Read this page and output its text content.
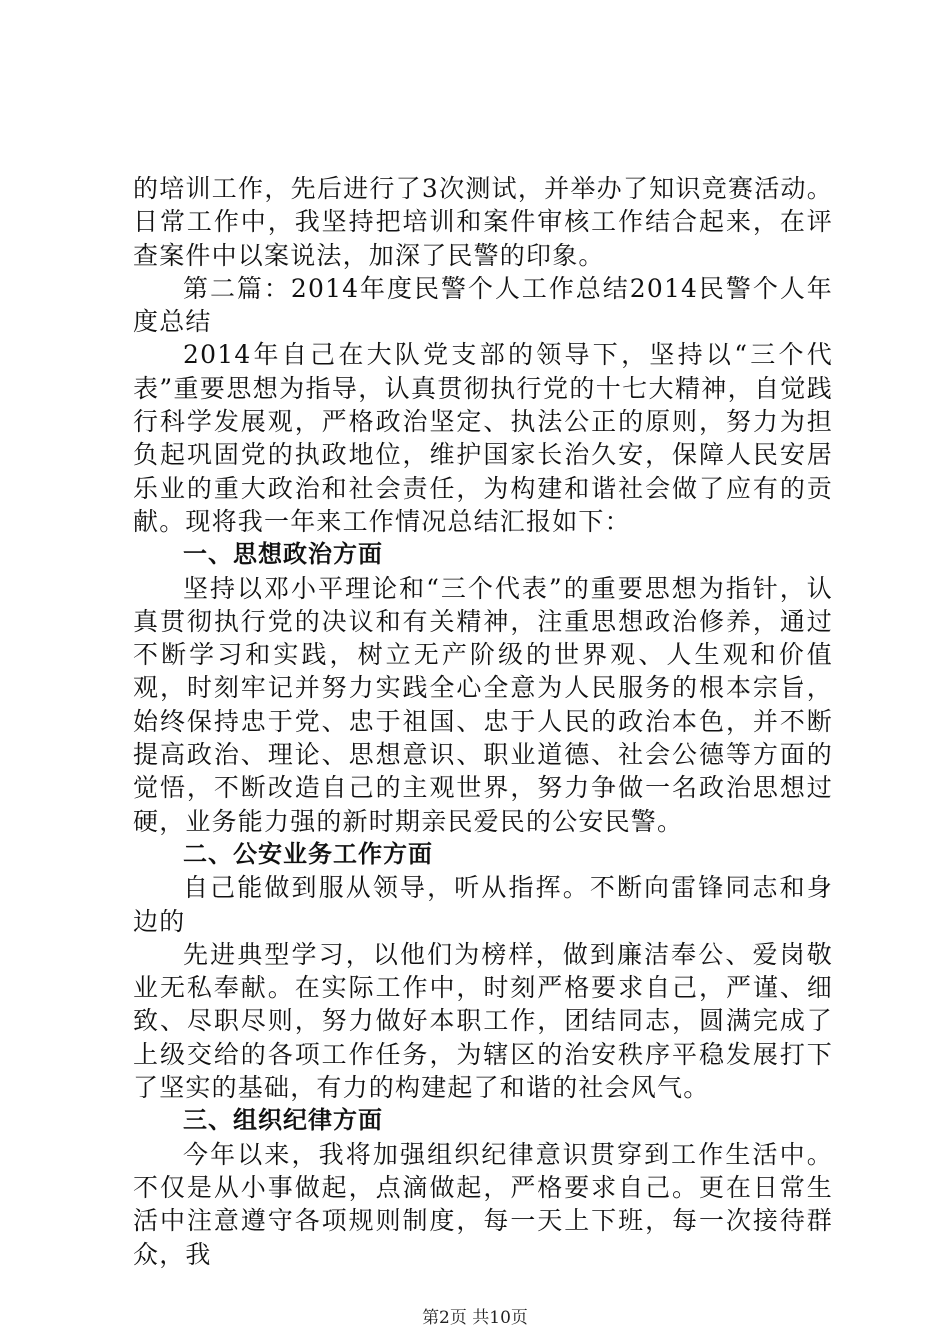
的培训工作，先后进行了3次测试，并举办了知识竞赛活动。日常工作中，我坚持把培训和案件审核工作结合起来，在评查案件中以案说法，加深了民警的印象。

第二篇：2014年度民警个人工作总结2014民警个人年度总结

2014年自己在大队党支部的领导下，坚持以“三个代表”重要思想为指导，认真贯彻执行党的十七大精神，自觉践行科学发展观，严格政治坚定、执法公正的原则，努力为担负起巩固党的执政地位，维护国家长治久安，保障人民安居乐业的重大政治和社会责任，为构建和谐社会做了应有的贡献。现将我一年来工作情况总结汇报如下：

一、思想政治方面

坚持以邓小平理论和“三个代表”的重要思想为指针，认真贯彻执行党的决议和有关精神，注重思想政治修养，通过不断学习和实践，树立无产阶级的世界观、人生观和价值观，时刻牢记并努力实践全心全意为人民服务的根本宗旨，始终保持忠于党、忠于祖国、忠于人民的政治本色，并不断提高政治、理论、思想意识、职业道德、社会公德等方面的觉悟，不断改造自己的主观世界，努力争做一名政治思想过硬，业务能力强的新时期亲民爱民的公安民警。

二、公安业务工作方面

自己能做到服从领导，听从指挥。不断向雷锋同志和身边的

先进典型学习，以他们为榜样，做到廉洁奉公、爱岗敬业无私奉献。在实际工作中，时刻严格要求自己，严谨、细致、尽职尽则，努力做好本职工作，团结同志，圆满完成了上级交给的各项工作任务，为辖区的治安秩序平稳发展打下了坚实的基础，有力的构建起了和谐的社会风气。

三、组织纪律方面

今年以来，我将加强组织纪律意识贯穿到工作生活中。不仅是从小事做起，点滴做起，严格要求自己。更在日常生活中注意遵守各项规则制度，每一天上下班，每一次接待群众，我

第2页 共10页
